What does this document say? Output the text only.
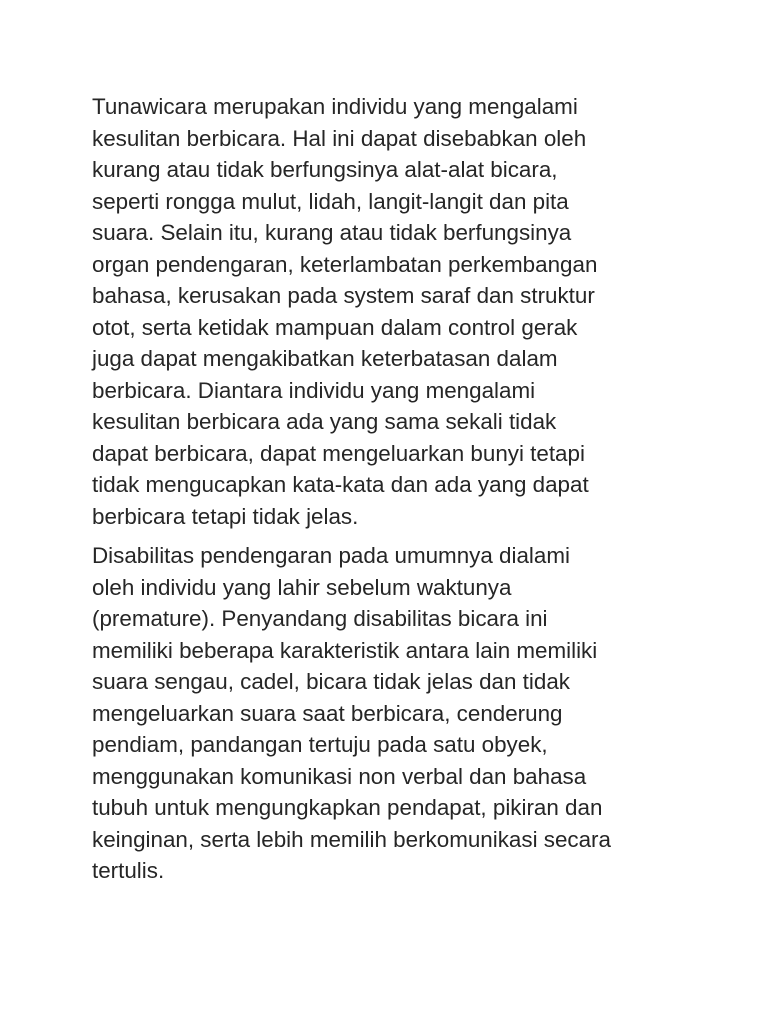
Tunawicara merupakan individu yang mengalami
kesulitan berbicara. Hal ini dapat disebabkan oleh
kurang atau tidak berfungsinya alat-alat bicara,
seperti rongga mulut, lidah, langit-langit dan pita
suara. Selain itu, kurang atau tidak berfungsinya
organ pendengaran, keterlambatan perkembangan
bahasa, kerusakan pada system saraf dan struktur
otot, serta ketidak mampuan dalam control gerak
juga dapat mengakibatkan keterbatasan dalam
berbicara. Diantara individu yang mengalami
kesulitan berbicara ada yang sama sekali tidak
dapat berbicara, dapat mengeluarkan bunyi tetapi
tidak mengucapkan kata-kata dan ada yang dapat
berbicara tetapi tidak jelas.

Disabilitas pendengaran pada umumnya dialami
oleh individu yang lahir sebelum waktunya
(premature). Penyandang disabilitas bicara ini
memiliki beberapa karakteristik antara lain memiliki
suara sengau, cadel, bicara tidak jelas dan tidak
mengeluarkan suara saat berbicara, cenderung
pendiam, pandangan tertuju pada satu obyek,
menggunakan komunikasi non verbal dan bahasa
tubuh untuk mengungkapkan pendapat, pikiran dan
keinginan, serta lebih memilih berkomunikasi secara
tertulis.
